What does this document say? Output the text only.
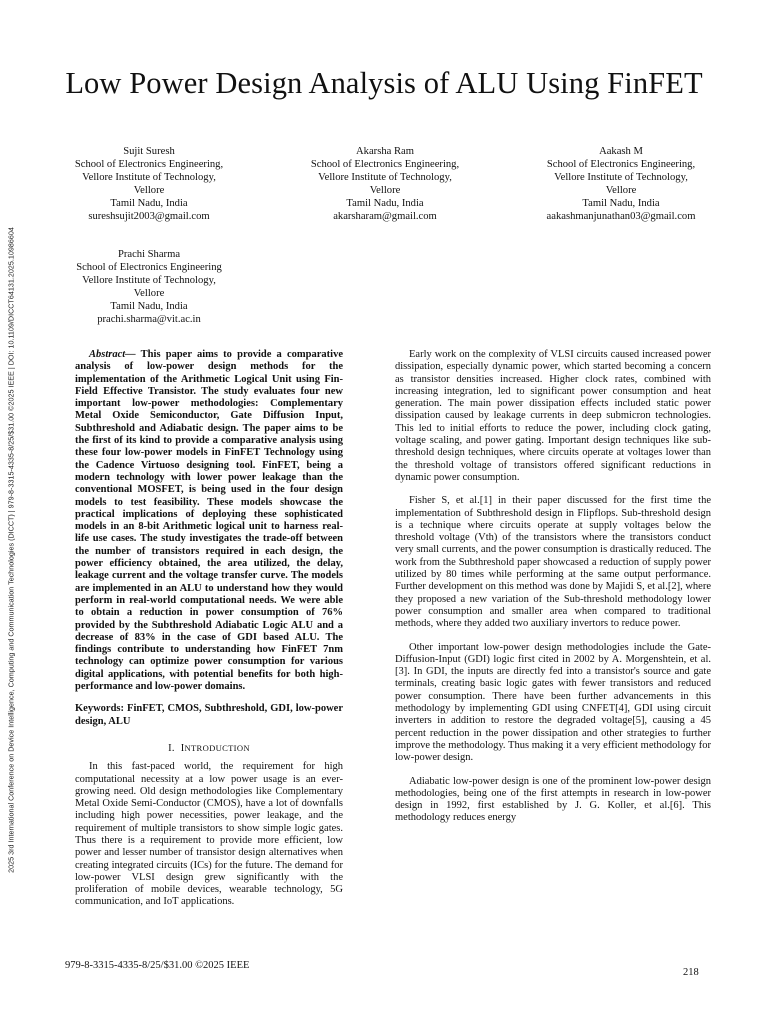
2025 3rd International Conference on Device Intelligence, Computing and Communication Technologies (DICCT) | 979-8-3315-4335-8/25/$31.00 ©2025 IEEE | DOI: 10.1109/DICCT64131.2025.10986604
Low Power Design Analysis of ALU Using FinFET
Sujit Suresh
School of Electronics Engineering,
Vellore Institute of Technology,
Vellore
Tamil Nadu, India
sureshsujit2003@gmail.com
Akarsha Ram
School of Electronics Engineering,
Vellore Institute of Technology,
Vellore
Tamil Nadu, India
akarsharam@gmail.com
Aakash M
School of Electronics Engineering,
Vellore Institute of Technology,
Vellore
Tamil Nadu, India
aakashmanjunathan03@gmail.com
Prachi Sharma
School of Electronics Engineering
Vellore Institute of Technology,
Vellore
Tamil Nadu, India
prachi.sharma@vit.ac.in

Abstract— This paper aims to provide a comparative analysis of low-power design methods for the implementation of the Arithmetic Logical Unit using Fin- Field Effective Transistor. The study evaluates four new important low-power methodologies: Complementary Metal Oxide Semiconductor, Gate Diffusion Input, Subthreshold and Adiabatic design. The paper aims to be the first of its kind to provide a comparative analysis using these four low-power models in FinFET Technology using the Cadence Virtuoso designing tool. FinFET, being a modern technology with lower power leakage than the conventional MOSFET, is being used in the four design models to test feasibility. These models showcase the practical implications of deploying these sophisticated models in an 8-bit Arithmetic logical unit to harness real-life use cases. The study investigates the trade-off between the number of transistors required in each design, the power efficiency obtained, the area utilized, the delay, leakage current and the voltage transfer curve. The models are implemented in an ALU to understand how they would perform in real-world computational needs. We were able to obtain a reduction in power consumption of 76% provided by the Subthreshold Adiabatic Logic ALU and a decrease of 83% in the case of GDI based ALU. The findings contribute to understanding how FinFET 7nm technology can optimize power consumption for various digital applications, with potential benefits for both high-performance and low-power domains.

Keywords: FinFET, CMOS, Subthreshold, GDI, low-power design, ALU

I. INTRODUCTION

In this fast-paced world, the requirement for high computational necessity at a low power usage is an ever-growing need. Old design methodologies like Complementary Metal Oxide Semi-Conductor (CMOS), have a lot of downfalls including high power necessities, power leakage, and the requirement of multiple transistors to show simple logic gates. Thus there is a requirement to provide more efficient, low power and lesser number of transistor design alternatives when creating integrated circuits (ICs) for the future. The demand for low-power VLSI design grew significantly with the proliferation of mobile devices, wearable technology, 5G communication, and IoT applications.

Early work on the complexity of VLSI circuits caused increased power dissipation, especially dynamic power, which started becoming a concern as transistor densities increased. Higher clock rates, combined with increasing integration, led to significant power consumption and heat generation. The main power dissipation effects included static power dissipation caused by leakage currents in deep submicron technologies. This led to initial efforts to reduce the power, including clock gating, voltage scaling, and power gating. Important design techniques like sub-threshold design techniques, where circuits operate at voltages lower than the threshold voltage of transistors offered significant reductions in dynamic power consumption.

Fisher S, et al.[1] in their paper discussed for the first time the implementation of Subthreshold design in Flipflops. Sub-threshold design is a technique where circuits operate at supply voltages below the threshold voltage (Vth) of the transistors where the transistors conduct very small currents, and the power consumption is drastically reduced. The work from the Subthreshold paper showcased a reduction of supply power utilized by 80 times while performing at the same output performance. Further development on this method was done by Majidi S, et al.[2], where they proposed a new variation of the Sub-threshold methodology lower power consumption and smaller area when compared to traditional methods, where they added two auxiliary invertors to reduce power.

Other important low-power design methodologies include the Gate- Diffusion-Input (GDI) logic first cited in 2002 by A. Morgenshtein, et al.[3]. In GDI, the inputs are directly fed into a transistor's source and gate terminals, creating basic logic gates with fewer transistors and reduced power consumption. There have been further advancements in this methodology by implementing GDI using CNFET[4], GDI using circuit inverters in addition to restore the degraded voltage[5], causing a 45 percent reduction in the power dissipation and other strategies to further improve the methodology. Thus making it a very efficient methodology for low-power design.

Adiabatic low-power design is one of the prominent low-power design methodologies, being one of the first attempts in research in low-power design in 1992, first established by J. G. Koller, et al.[6]. This methodology reduces energy

979-8-3315-4335-8/25/$31.00 ©2025 IEEE
218
